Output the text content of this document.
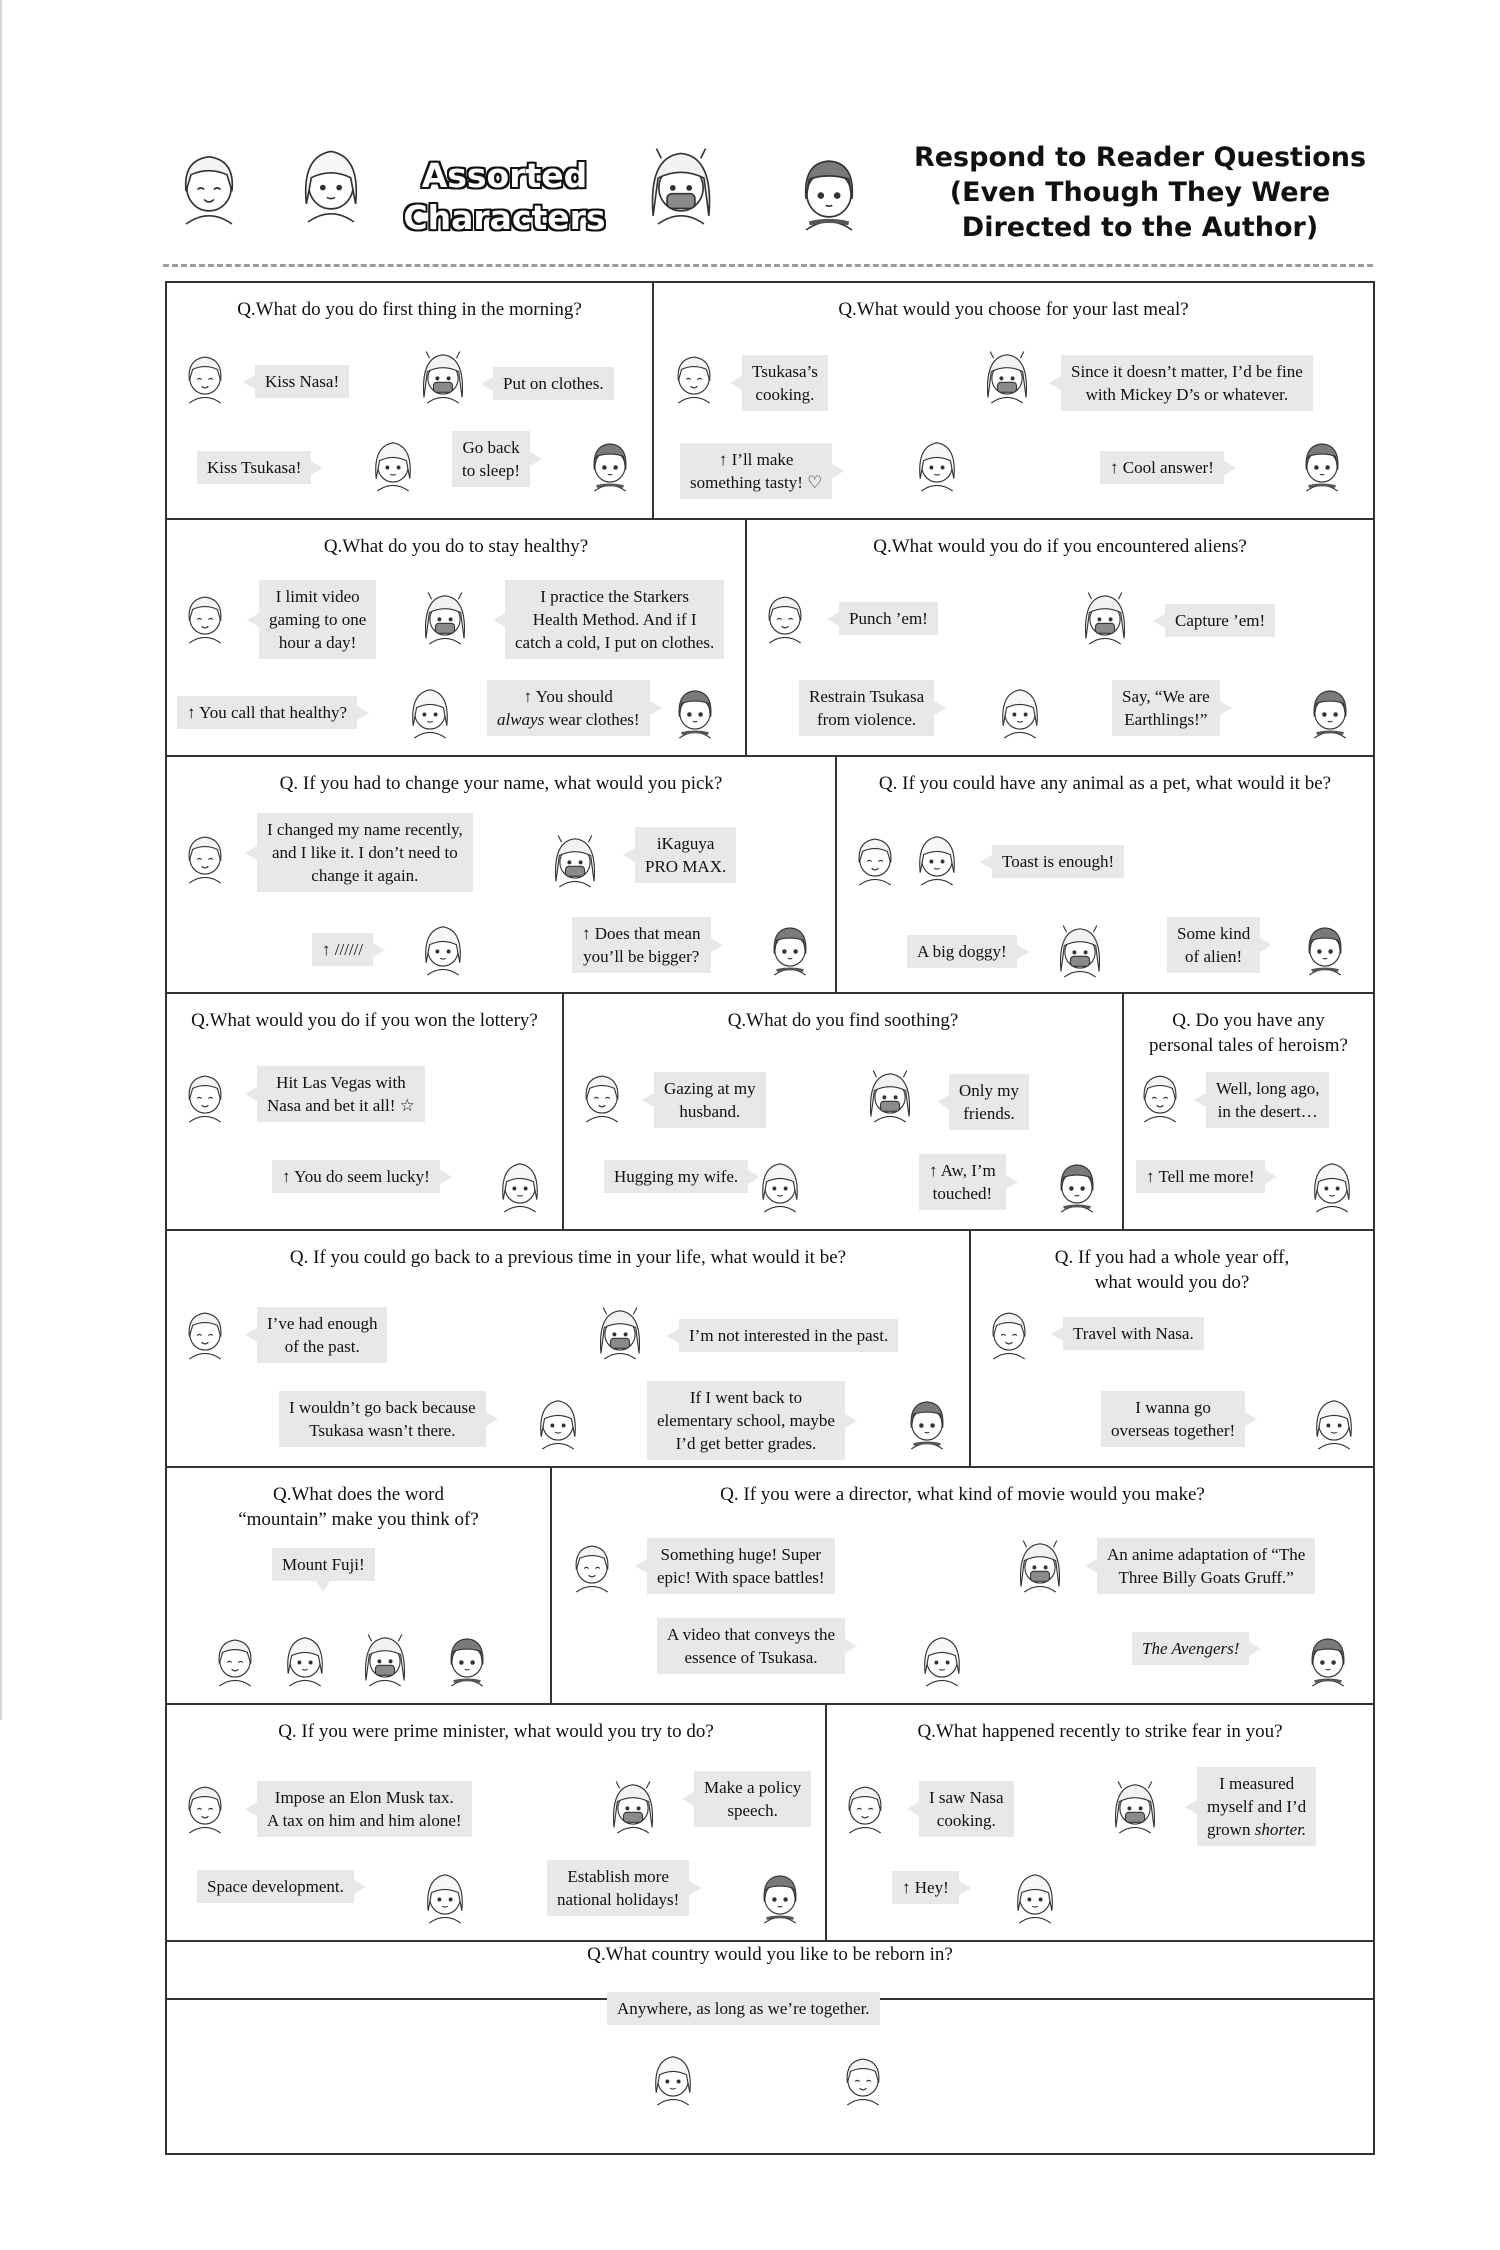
Assorted
Characters
Respond to Reader Questions
(Even Though They Were
Directed to the Author)
Q.What do you do first thing in the morning?
Kiss Nasa!	Put on clothes.
Kiss Tsukasa!
Go back
to sleep!
Q.What would you choose for your last meal?
Tsukasa’s
cooking.
Since it doesn’t matter, I’d be fine
with Mickey D’s or whatever.
↑ I’ll make
something tasty! ♡
↑ Cool answer!
Q.What do you do to stay healthy?
I limit video
gaming to one
hour a day!
I practice the Starkers
Health Method. And if I
catch a cold, I put on clothes.
↑ You call that healthy?
↑ You should
always wear clothes!
Q.What would you do if you encountered aliens?
Punch ’em!	Capture ’em!
Restrain Tsukasa
from violence.
Say, “We are
Earthlings!”
Q. If you had to change your name, what would you pick?
I changed my name recently,
and I like it. I don’t need to
change it again.
iKaguya
PRO MAX.
↑ //////
↑ Does that mean
you’ll be bigger?
Q. If you could have any animal as a pet, what would it be?
Toast is enough!
A big doggy!
Some kind
of alien!
Q.What would you do if you won the lottery?
Hit Las Vegas with
Nasa and bet it all! ☆
↑ You do seem lucky!
Q.What do you find soothing?
Gazing at my
husband.
Only my
friends.
Hugging my wife.	↑ Aw, I’m
touched!
Q. Do you have any
personal tales of heroism?
Well, long ago,
in the desert…
↑ Tell me more!
Q. If you could go back to a previous time in your life, what would it be?
I’ve had enough
of the past.
I’m not interested in the past.
I wouldn’t go back because
Tsukasa wasn’t there.
If I went back to
elementary school, maybe
I’d get better grades.
Q. If you had a whole year off,
what would you do?
Travel with Nasa.
I wanna go
overseas together!
Q.What does the word
“mountain” make you think of?
Mount Fuji!
Q. If you were a director, what kind of movie would you make?
Something huge! Super
epic! With space battles!
An anime adaptation of “The
Three Billy Goats Gruff.”
A video that conveys the
essence of Tsukasa.	The Avengers!
Q. If you were prime minister, what would you try to do?
Impose an Elon Musk tax.
A tax on him and him alone!
Make a policy
speech.
Space development.
Establish more
national holidays!
Q.What happened recently to strike fear in you?
I saw Nasa
cooking.
I measured
myself and I’d
grown shorter.
↑ Hey!
Q.What country would you like to be reborn in?
Anywhere, as long as we’re together.
